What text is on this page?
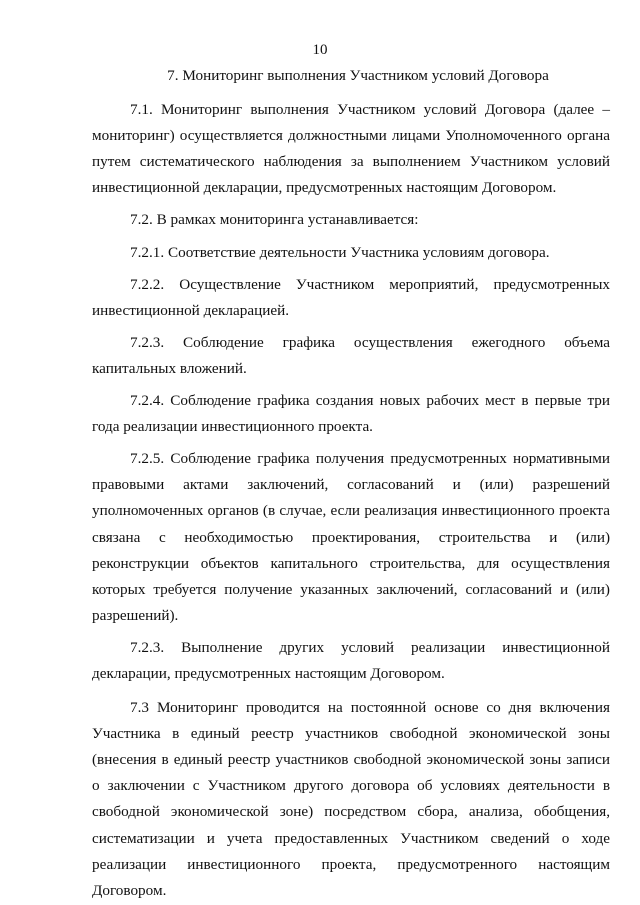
10

7. Мониторинг выполнения Участником условий Договора

7.1. Мониторинг выполнения Участником условий Договора (далее – мониторинг) осуществляется должностными лицами Уполномоченного органа путем систематического наблюдения за выполнением Участником условий инвестиционной декларации, предусмотренных настоящим Договором.

7.2. В рамках мониторинга устанавливается:

7.2.1. Соответствие деятельности Участника условиям договора.

7.2.2. Осуществление Участником мероприятий, предусмотренных инвестиционной декларацией.

7.2.3. Соблюдение графика осуществления ежегодного объема капитальных вложений.

7.2.4. Соблюдение графика создания новых рабочих мест в первые три года реализации инвестиционного проекта.

7.2.5. Соблюдение графика получения предусмотренных нормативными правовыми актами заключений, согласований и (или) разрешений уполномоченных органов (в случае, если реализация инвестиционного проекта связана с необходимостью проектирования, строительства и (или) реконструкции объектов капитального строительства, для осуществления которых требуется получение указанных заключений, согласований и (или) разрешений).

7.2.3. Выполнение других условий реализации инвестиционной декларации, предусмотренных настоящим Договором.

7.3 Мониторинг проводится на постоянной основе со дня включения Участника в единый реестр участников свободной экономической зоны (внесения в единый реестр участников свободной экономической зоны записи о заключении с Участником другого договора об условиях деятельности в свободной экономической зоне) посредством сбора, анализа, обобщения, систематизации и учета предоставленных Участником сведений о ходе реализации инвестиционного проекта, предусмотренного настоящим Договором.
